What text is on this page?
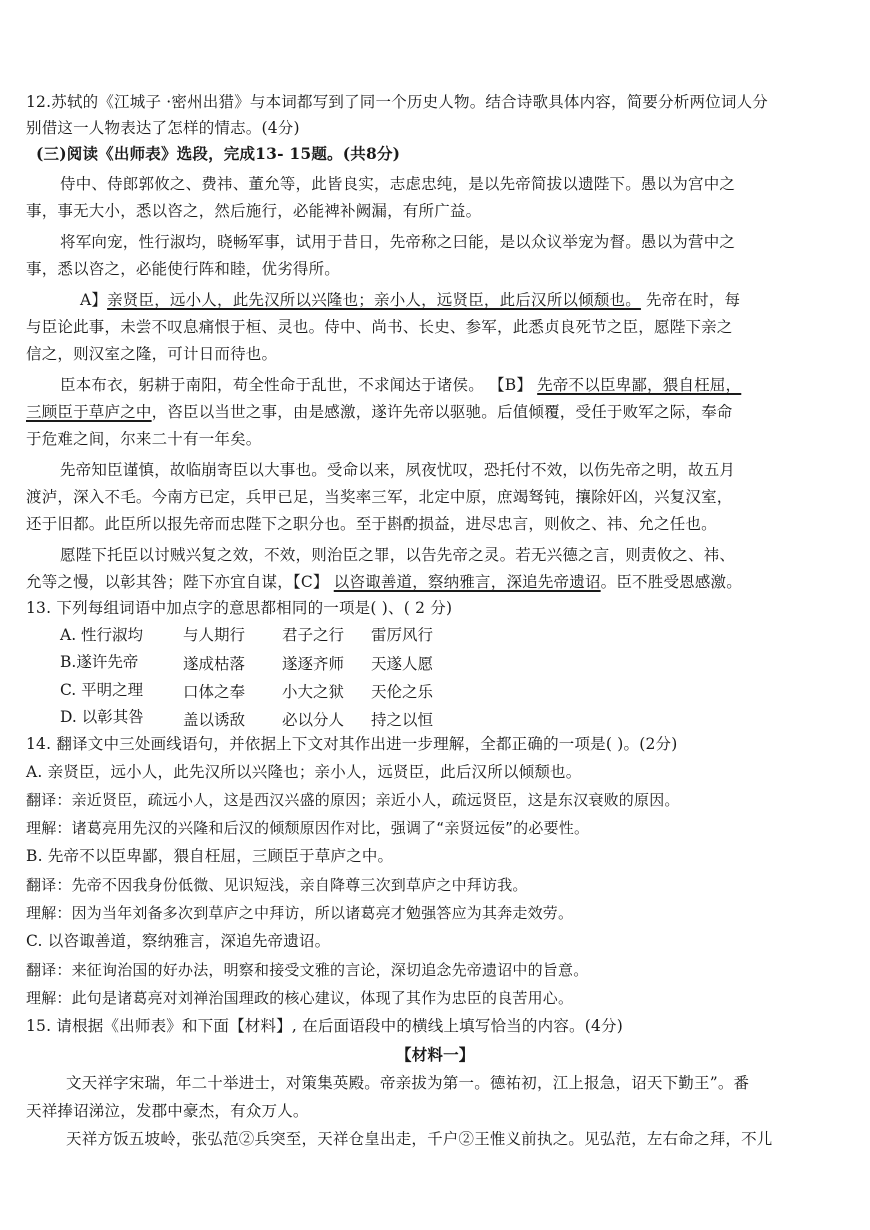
12.苏轼的《江城子 ·密州出猎》与本词都写到了同一个历史人物。结合诗歌具体内容，简要分析两位词人分
别借这一人物表达了怎样的情志。(4分)
(三)阅读《出师表》选段，完成13- 15题。(共8分)
侍中、侍郎郭攸之、费祎、董允等，此皆良实，志虑忠纯，是以先帝简拔以遗陛下。愚以为宫中之
事，事无大小，悉以咨之，然后施行，必能裨补阙漏，有所广益。
将军向宠，性行淑均，晓畅军事，试用于昔日，先帝称之曰能，是以众议举宠为督。愚以为营中之
事，悉以咨之，必能使行阵和睦，优劣得所。
A】亲贤臣，远小人，此先汉所以兴隆也；亲小人，远贤臣，此后汉所以倾颓也。 先帝在时，每
与臣论此事，未尝不叹息痛恨于桓、灵也。侍中、尚书、长史、参军，此悉贞良死节之臣，愿陛下亲之
信之，则汉室之隆，可计日而待也。
臣本布衣，躬耕于南阳，苟全性命于乱世，不求闻达于诸侯。 【B】 先帝不以臣卑鄙，猥自枉屈，
三顾臣于草庐之中，咨臣以当世之事，由是感激，遂许先帝以驱驰。后值倾覆，受任于败军之际，奉命
于危难之间，尔来二十有一年矣。
先帝知臣谨慎，故临崩寄臣以大事也。受命以来，夙夜忧叹，恐托付不效，以伤先帝之明，故五月
渡泸，深入不毛。今南方已定，兵甲已足，当奖率三军，北定中原，庶竭驽钝，攘除奸凶，兴复汉室，
还于旧都。此臣所以报先帝而忠陛下之职分也。至于斟酌损益，进尽忠言，则攸之、祎、允之任也。
愿陛下托臣以讨贼兴复之效，不效，则治臣之罪，以告先帝之灵。若无兴德之言，则责攸之、祎、
允等之慢，以彰其咎；陛下亦宜自谋，【C】 以咨诹善道，察纳雅言，深追先帝遗诏。臣不胜受恩感激。
13. 下列每组词语中加点字的意思都相同的一项是( )、( 2 分)
A. 性行淑均	与人期行 君子之行 雷厉风行
B.遂许先帝	遂成枯落 遂逐齐师 天遂人愿
C. 平明之理	口体之奉 小大之狱 天伦之乐
D. 以彰其咎	盖以诱敌 必以分人 持之以恒
14. 翻译文中三处画线语句，并依据上下文对其作出进一步理解，全都正确的一项是( )。(2分)
A. 亲贤臣，远小人，此先汉所以兴隆也；亲小人，远贤臣，此后汉所以倾颓也。
翻译：亲近贤臣，疏远小人，这是西汉兴盛的原因；亲近小人，疏远贤臣，这是东汉衰败的原因。
理解：诸葛亮用先汉的兴隆和后汉的倾颓原因作对比，强调了“亲贤远佞”的必要性。
B. 先帝不以臣卑鄙，猥自枉屈，三顾臣于草庐之中。
翻译：先帝不因我身份低微、见识短浅，亲自降尊三次到草庐之中拜访我。
理解：因为当年刘备多次到草庐之中拜访，所以诸葛亮才勉强答应为其奔走效劳。
C. 以咨诹善道，察纳雅言，深追先帝遗诏。
翻译：来征询治国的好办法，明察和接受文雅的言论，深切追念先帝遗诏中的旨意。
理解：此句是诸葛亮对刘禅治国理政的核心建议，体现了其作为忠臣的良苦用心。
15. 请根据《出师表》和下面【材料】, 在后面语段中的横线上填写恰当的内容。(4分)
【材料一】
文天祥字宋瑞，年二十举进士，对策集英殿。帝亲拔为第一。德祐初，江上报急，诏天下勤王”。番
天祥捧诏涕泣，发郡中豪杰，有众万人。
天祥方饭五坡岭，张弘范②兵突至，天祥仓皇出走，千户②王惟义前执之。见弘范，左右命之拜，不儿
